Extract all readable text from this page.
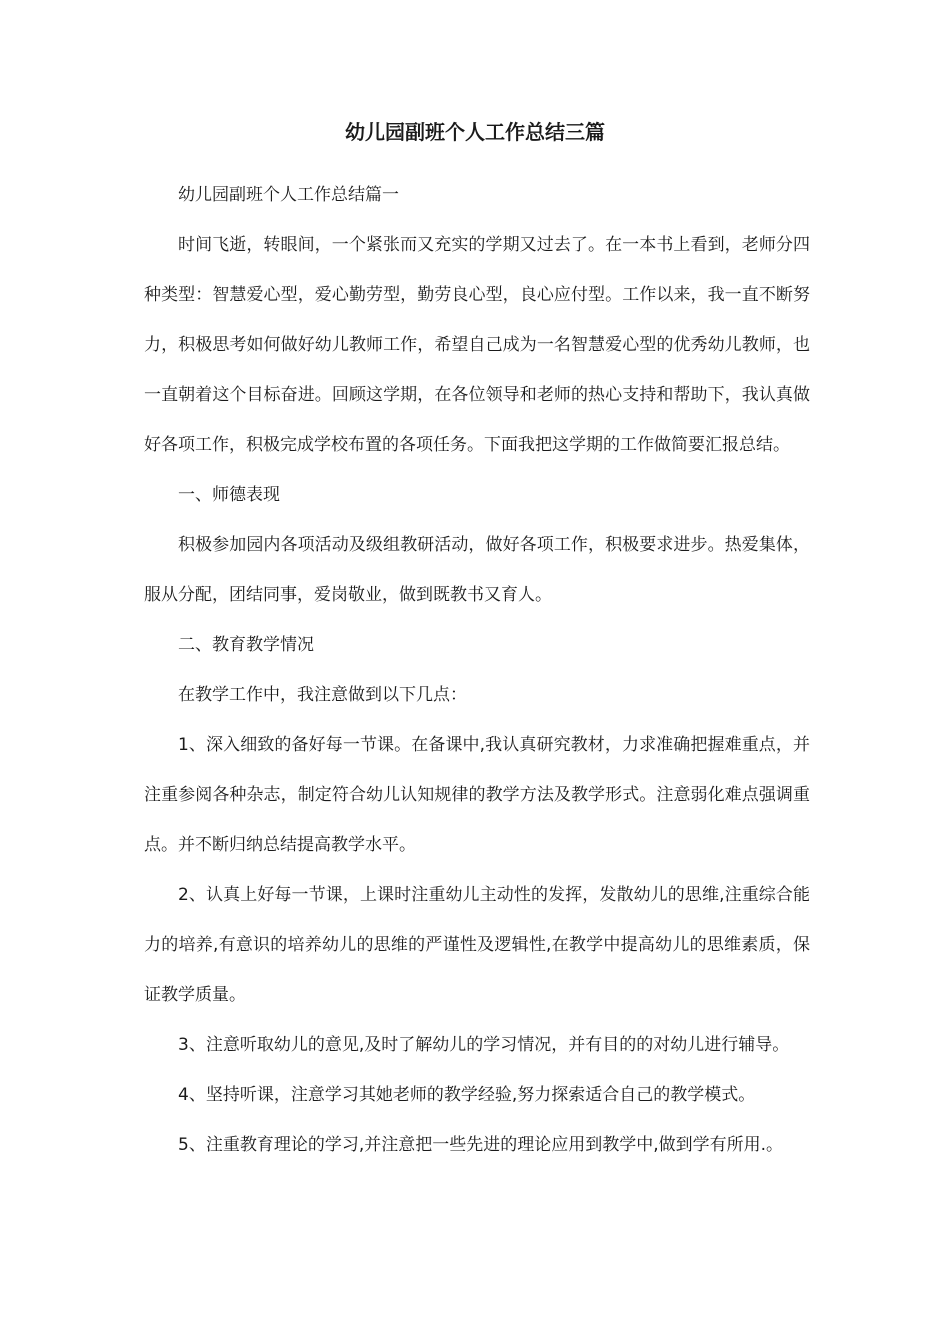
幼儿园副班个人工作总结三篇

幼儿园副班个人工作总结篇一

时间飞逝，转眼间，一个紧张而又充实的学期又过去了。在一本书上看到，老师分四种类型：智慧爱心型，爱心勤劳型，勤劳良心型，良心应付型。工作以来，我一直不断努力，积极思考如何做好幼儿教师工作，希望自己成为一名智慧爱心型的优秀幼儿教师，也一直朝着这个目标奋进。回顾这学期，在各位领导和老师的热心支持和帮助下，我认真做好各项工作，积极完成学校布置的各项任务。下面我把这学期的工作做简要汇报总结。

一、师德表现

积极参加园内各项活动及级组教研活动，做好各项工作，积极要求进步。热爱集体，服从分配，团结同事，爱岗敬业，做到既教书又育人。

二、教育教学情况

在教学工作中，我注意做到以下几点：

1、深入细致的备好每一节课。在备课中,我认真研究教材，力求准确把握难重点，并注重参阅各种杂志，制定符合幼儿认知规律的教学方法及教学形式。注意弱化难点强调重点。并不断归纳总结提高教学水平。

2、认真上好每一节课，上课时注重幼儿主动性的发挥，发散幼儿的思维,注重综合能力的培养,有意识的培养幼儿的思维的严谨性及逻辑性,在教学中提高幼儿的思维素质，保证教学质量。

3、注意听取幼儿的意见,及时了解幼儿的学习情况，并有目的的对幼儿进行辅导。

4、坚持听课，注意学习其她老师的教学经验,努力探索适合自己的教学模式。

5、注重教育理论的学习,并注意把一些先进的理论应用到教学中,做到学有所用.。
